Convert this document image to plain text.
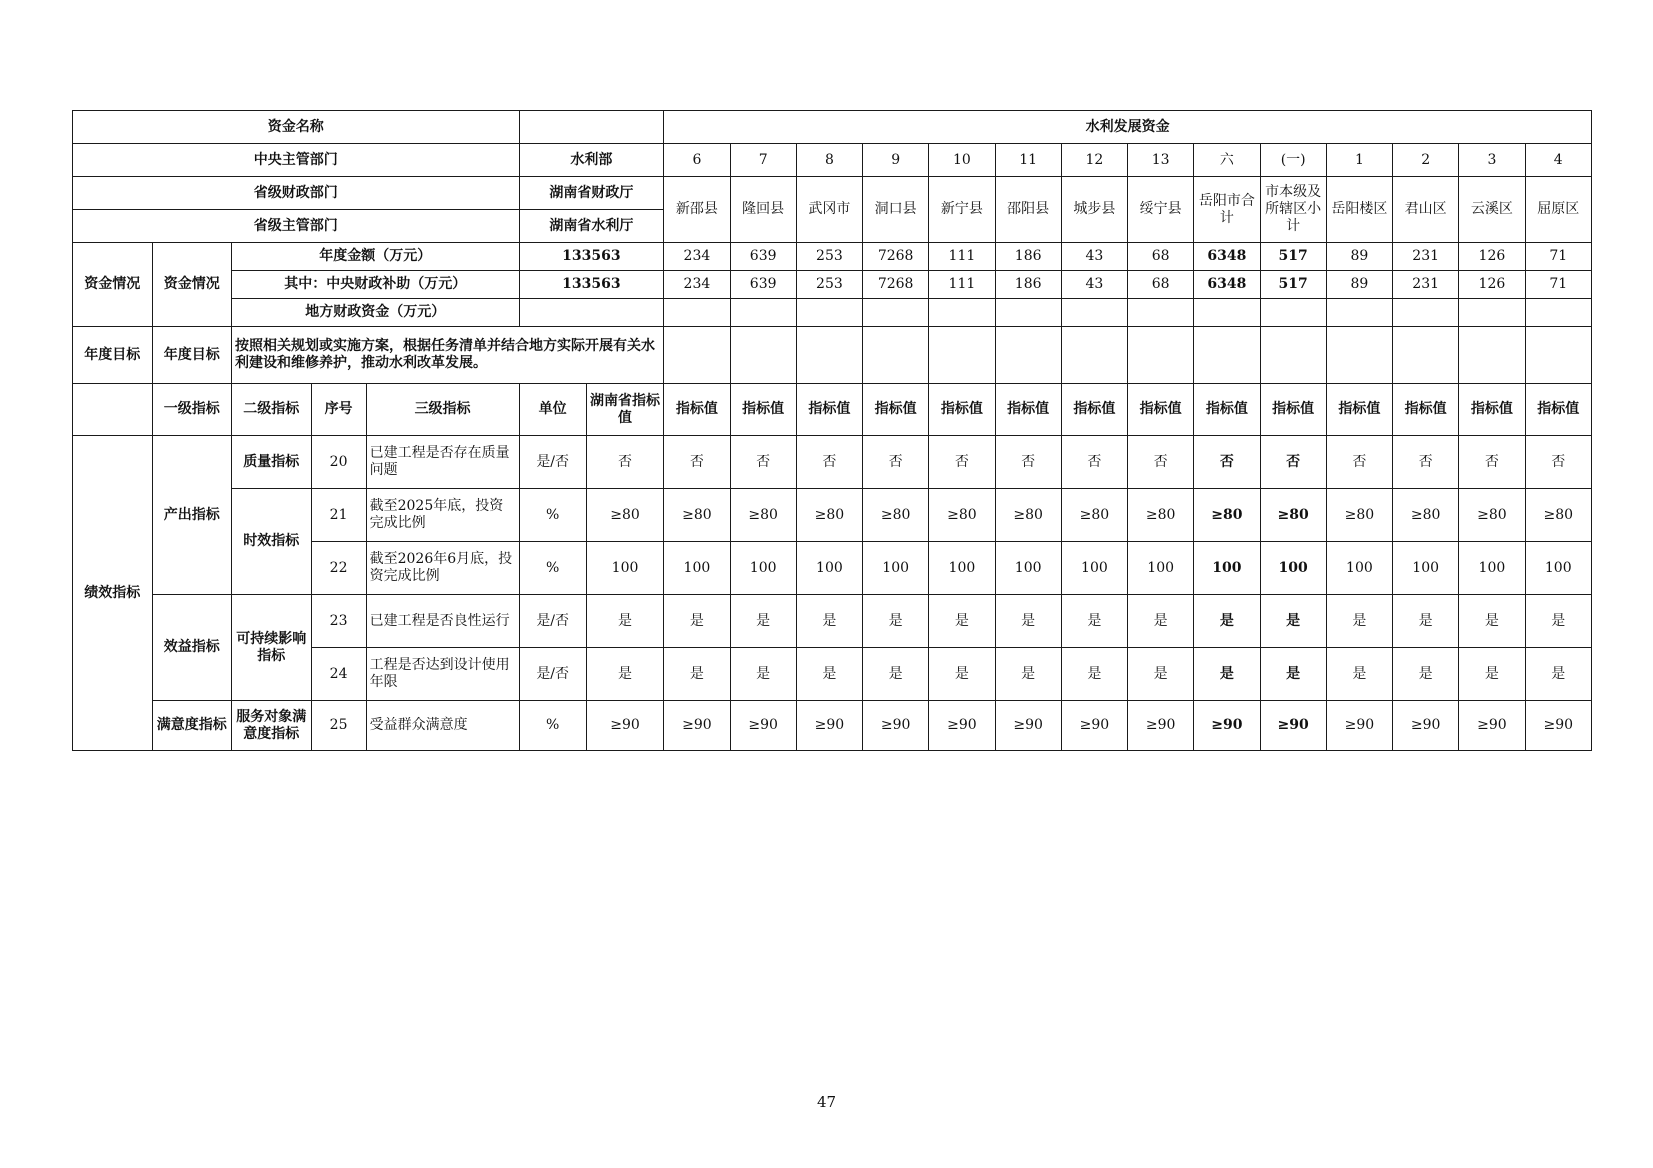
资金名称							水利发展资金													
中央主管部门					水利部		6	7	8	9	10	11	12	13	六	(一)	1	2	3	4
省级财政部门					湖南省财政厅		新邵县	隆回县	武冈市	洞口县	新宁县	邵阳县	城步县	绥宁县	岳阳市合计	市本级及所辖区小计	岳阳楼区	君山区	云溪区	屈原区
省级主管部门					湖南省水利厅															
资金情况	资金情况	年度金额（万元）			133563		234	639	253	7268	111	186	43	68	6348	517	89	231	126	71
		其中：中央财政补助（万元）			133563		234	639	253	7268	111	186	43	68	6348	517	89	231	126	71
		地方财政资金（万元）																		
年度目标	年度目标	按照相关规划或实施方案，根据任务清单并结合地方实际开展有关水利建设和维修养护，推动水利改革发展。																		
	一级指标	二级指标	序号	三级指标	单位	湖南省指标值	指标值	指标值	指标值	指标值	指标值	指标值	指标值	指标值	指标值	指标值	指标值	指标值	指标值	指标值
绩效指标	产出指标	质量指标	20	已建工程是否存在质量问题	是/否	否	否	否	否	否	否	否	否	否	否	否	否	否	否	否
		时效指标	21	截至2025年底，投资完成比例	%	≥80	≥80	≥80	≥80	≥80	≥80	≥80	≥80	≥80	≥80	≥80	≥80	≥80	≥80	≥80
			22	截至2026年6月底，投资完成比例	%	100	100	100	100	100	100	100	100	100	100	100	100	100	100	100
	效益指标	可持续影响指标	23	已建工程是否良性运行	是/否	是	是	是	是	是	是	是	是	是	是	是	是	是	是	是
			24	工程是否达到设计使用年限	是/否	是	是	是	是	是	是	是	是	是	是	是	是	是	是	是
	满意度指标	服务对象满意度指标	25	受益群众满意度	%	≥90	≥90	≥90	≥90	≥90	≥90	≥90	≥90	≥90	≥90	≥90	≥90	≥90	≥90	≥90
47
